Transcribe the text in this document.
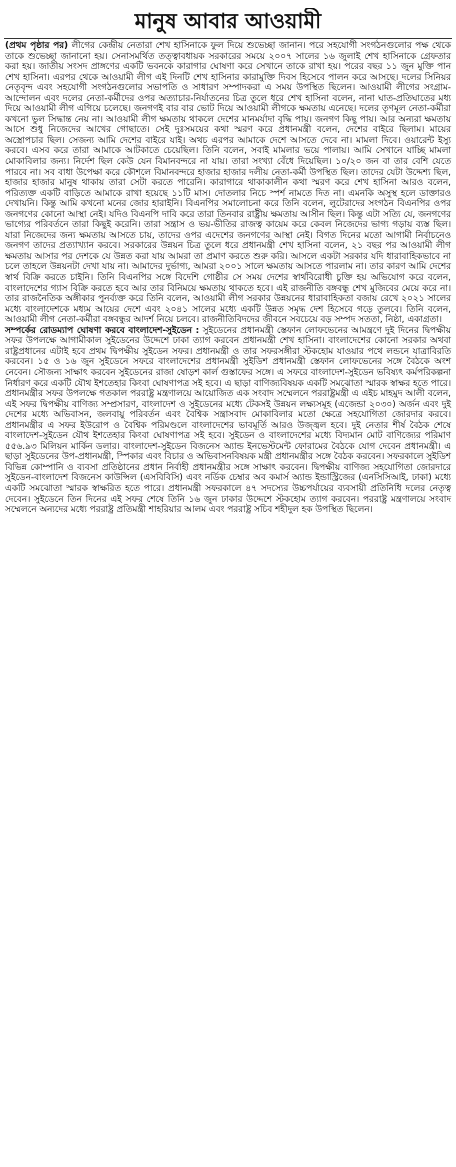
মানুষ আবার আওয়ামী

(প্রথম পৃষ্ঠার পর) লীগের কেন্দ্রীয় নেতারা শেখ হাসিনাকে ফুল দিয়ে শুভেচ্ছা জানান। পরে সহযোগী সংগঠনগুলোর পক্ষ থেকে তাকে শুভেচ্ছা জানানো হয়। সেনাসমর্থিত তত্ত্বাবধায়ক সরকারের সময়ে ২০০৭ সালের ১৬ জুলাই শেখ হাসিনাকে গ্রেফতার করা হয়। জাতীয় সংসদ প্রাঙ্গণের একটি ভবনকে কারাগার ঘোষণা করে সেখানে তাকে রাখা হয়। পরের বছর ১১ জুন মুক্তি পান শেখ হাসিনা। এরপর থেকে আওয়ামী লীগ এই দিনটি শেখ হাসিনার কারামুক্তি দিবস হিসেবে পালন করে আসছে। দলের সিনিয়র নেতৃবৃন্দ এবং সহযোগী সংগঠনগুলোর সভাপতি ও সাধারণ সম্পাদকরা এ সময় উপস্থিত ছিলেন। আওয়ামী লীগের সংগ্রাম-আন্দোলন এবং দলের নেতা-কর্মীদের ওপর অত্যাচার-নির্যাতনের চিত্র তুলে ধরে শেখ হাসিনা বলেন, নানা ঘাত-প্রতিঘাতের মধ্য দিয়ে আওয়ামী লীগ এগিয়ে চলেছে। জনগণই বার বার ভোট দিয়ে আওয়ামী লীগকে ক্ষমতায় এনেছে। দলের তৃণমূল নেতা-কর্মীরা কখনো ভুল সিদ্ধান্ত নেয় না। আওয়ামী লীগ ক্ষমতায় থাকলে দেশের মানমর্যাদা বৃদ্ধি পায়। জনগণ কিছু পায়। আর অন্যরা ক্ষমতায় আসে শুধু নিজেদের আখের গোছাতে। সেই দুঃসময়ের কথা স্মরণ করে প্রধানমন্ত্রী বলেন, দেশের বাইরে ছিলাম। মায়ের অস্ত্রোপচার ছিল। সেজন্য আমি দেশের বাইরে যাই। অথচ এরপর আমাকে দেশে আসতে দেবে না। মামলা দিবে। ওয়ারেন্ট ইস্যু করবে। এসব করে তারা আমাকে আটকাতে চেয়েছিল। তিনি বলেন, সবাই মামলার ভয়ে পালায়। আমি সেখানে যাচ্ছি মামলা মোকাবিলার জন্য। নির্দেশ ছিল কেউ যেন বিমানবন্দরে না যায়। তারা সংখ্যা বেঁধে দিয়েছিল। ১০/২০ জন বা তার বেশি যেতে পারবে না। সব বাধা উপেক্ষা করে কৌশলে বিমানবন্দরে হাজার হাজার দলীয় নেতা-কর্মী উপস্থিত ছিল। তাদের যেটা উদ্দেশ্য ছিল, হাজার হাজার মানুষ থাকায় তারা সেটা করতে পারেনি। কারাগারে থাকাকালীন কথা স্মরণ করে শেখ হাসিনা আরও বলেন, পরিত্যক্ত একটি বাড়িতে আমাকে রাখা হয়েছে ১১টি মাস। দোতলার নিচে স্পর্শ নামতে দিত না। এমনকি অসুস্থ হলে ডাক্তারও দেখায়নি। কিন্তু আমি কখনো মনের জোর হারাইনি। বিএনপির সমালোচনা করে তিনি বলেন, লুটেরাদের সংগঠন বিএনপির ওপর জনগণের কোনো আস্থা নেই। যদিও বিএনপি দাবি করে তারা তিনবার রাষ্ট্রীয় ক্ষমতায় আসীন ছিল। কিন্তু এটা সত্যি যে, জনগণের ভাগ্যের পরিবর্তনে তারা কিছুই করেনি। তারা সন্ত্রাস ও ভয়-ভীতির রাজত্ব কায়েম করে কেবল নিজেদের ভাগ্য গড়ায় ব্যস্ত ছিল। যারা নিজেদের জন্য ক্ষমতায় আসতে চায়, তাদের ওপর এদেশের জনগণের আস্থা নেই। বিগত দিনের মতো আগামী নির্বাচনেও জনগণ তাদের প্রত্যাখ্যান করবে। সরকারের উন্নয়ন চিত্র তুলে ধরে প্রধানমন্ত্রী শেখ হাসিনা বলেন, ২১ বছর পর আওয়ামী লীগ ক্ষমতায় আসার পর দেশকে যে উন্নত করা যায় আমরা তা প্রমাণ করতে শুরু করি। আসলে একটা সরকার যদি ধারাবাহিকভাবে না চলে তাহলে উন্নয়নটা দেখা যায় না। আমাদের দুর্ভাগ্য, আমরা ২০০১ সালে ক্ষমতায় আসতে পারলাম না। তার কারণ আমি দেশের স্বার্থ বিক্রি করতে চাইনি। তিনি বিএনপির সঙ্গে বিদেশি গোষ্ঠীর সে সময় দেশের স্বার্থবিরোধী চুক্তি হয় অভিযোগ করে বলেন, বাংলাদেশের গ্যাস বিক্রি করতে হবে আর তার বিনিময়ে ক্ষমতায় থাকতে হবে। এই রাজনীতি বঙ্গবন্ধু শেখ মুজিবের মেয়ে করে না। তার রাজনৈতিক অঙ্গীকার পুনর্ব্যক্ত করে তিনি বলেন, আওয়ামী লীগ সরকার উন্নয়নের ধারাবাহিকতা বজায় রেখে ২০২১ সালের মধ্যে বাংলাদেশকে মধ্যম আয়ের দেশে এবং ২০৪১ সালের মধ্যে একটি উন্নত সমৃদ্ধ দেশ হিসেবে গড়ে তুলবে। তিনি বলেন, আওয়ামী লীগ নেতা-কর্মীরা বঙ্গবন্ধুর আদর্শ নিয়ে চলবে। রাজনীতিবিদদের জীবনে সবচেয়ে বড় সম্পদ সততা, নিষ্ঠা, একাগ্রতা।

সম্পর্কের রোডম্যাপ ঘোষণা করবে বাংলাদেশ-সুইডেন : সুইডেনের প্রধানমন্ত্রী স্তেফান লোফভেনের আমন্ত্রণে দুই দিনের দ্বিপক্ষীয় সফর উপলক্ষে আগামীকাল সুইডেনের উদ্দেশে ঢাকা ত্যাগ করবেন প্রধানমন্ত্রী শেখ হাসিনা। বাংলাদেশের কোনো সরকার অথবা রাষ্ট্রপ্রধানের এটাই হবে প্রথম দ্বিপক্ষীয় সুইডেন সফর। প্রধানমন্ত্রী ও তার সফরসঙ্গীরা স্টকহোম যাওয়ার পথে লন্ডনে যাত্রাবিরতি করবেন। ১৫ ও ১৬ জুন সুইডেনে সফরে বাংলাদেশের প্রধানমন্ত্রী সুইডিশ প্রধানমন্ত্রী স্তেফান লোফভেনের সঙ্গে বৈঠকে অংশ নেবেন। সৌজন্য সাক্ষাৎ করবেন সুইডেনের রাজা ষোড়শ কার্ল গুস্তাফের সঙ্গে। এ সফরে বাংলাদেশ-সুইডেন ভবিষ্যৎ কর্মপরিকল্পনা নির্ধারণ করে একটি যৌথ ইশতেহার কিংবা ঘোষণাপত্র সই হবে। এ ছাড়া বাণিজ্যবিষয়ক একটি সমঝোতা স্মারক স্বাক্ষর হতে পারে। প্রধানমন্ত্রীর সফর উপলক্ষে গতকাল পররাষ্ট্র মন্ত্রণালয়ে আয়োজিত এক সংবাদ সম্মেলনে পররাষ্ট্রমন্ত্রী এ এইচ মাহমুদ আলী বলেন, এই সফর দ্বিপক্ষীয় বাণিজ্য সম্প্রসারণ, বাংলাদেশ ও সুইডেনের মধ্যে টেকসই উন্নয়ন লক্ষ্যসমূহ (এজেন্ডা ২০৩০) অর্জন এবং দুই দেশের মধ্যে অভিবাসন, জলবায়ু পরিবর্তন এবং বৈশ্বিক সন্ত্রাসবাদ মোকাবিলার মতো ক্ষেত্রে সহযোগিতা জোরদার করবে। প্রধানমন্ত্রীর এ সফর ইউরোপ ও বৈশ্বিক পরিমণ্ডলে বাংলাদেশের ভাবমূর্তি আরও উজ্জ্বল হবে। দুই নেতার শীর্ষ বৈঠক শেষে বাংলাদেশ-সুইডেন যৌথ ইশতেহার কিংবা ঘোষণাপত্র সই হবে। সুইডেন ও বাংলাদেশের মধ্যে বিদ্যমান মোট বাণিজ্যের পরিমাণ ৫৫৬.৯৩ মিলিয়ন মার্কিন ডলার। বাংলাদেশ-সুইডেন বিজনেস অ্যান্ড ইনভেস্টমেন্ট ফোরামের বৈঠকে যোগ দেবেন প্রধানমন্ত্রী। এ ছাড়া সুইডেনের উপ-প্রধানমন্ত্রী, স্পিকার এবং বিচার ও অভিবাসনবিষয়ক মন্ত্রী প্রধানমন্ত্রীর সঙ্গে বৈঠক করবেন। সফরকালে সুইডিশ বিভিন্ন কোম্পানি ও ব্যবসা প্রতিষ্ঠানের প্রধান নির্বাহী প্রধানমন্ত্রীর সঙ্গে সাক্ষাৎ করবেন। দ্বিপক্ষীয় বাণিজ্য সহযোগিতা জোরদারে সুইডেন-বাংলাদেশ বিজনেস কাউন্সিল (এসবিবিসি) এবং নর্ডিক চেম্বার অব কমার্স অ্যান্ড ইন্ডাস্ট্রিজের (এনসিসিআই, ঢাকা) মধ্যে একটি সমঝোতা স্মারক স্বাক্ষরিত হতে পারে। প্রধানমন্ত্রী সফরকালে ৪৭ সদস্যের উচ্চপর্যায়ের ব্যবসায়ী প্রতিনিধি দলের নেতৃত্ব দেবেন। সুইডেনে তিন দিনের এই সফর শেষে তিনি ১৬ জুন ঢাকার উদ্দেশে স্টকহোম ত্যাগ করবেন। পররাষ্ট্র মন্ত্রণালয়ে সংবাদ সম্মেলনে অন্যদের মধ্যে পররাষ্ট্র প্রতিমন্ত্রী শাহরিয়ার আলম এবং পররাষ্ট্র সচিব শহীদুল হক উপস্থিত ছিলেন।
